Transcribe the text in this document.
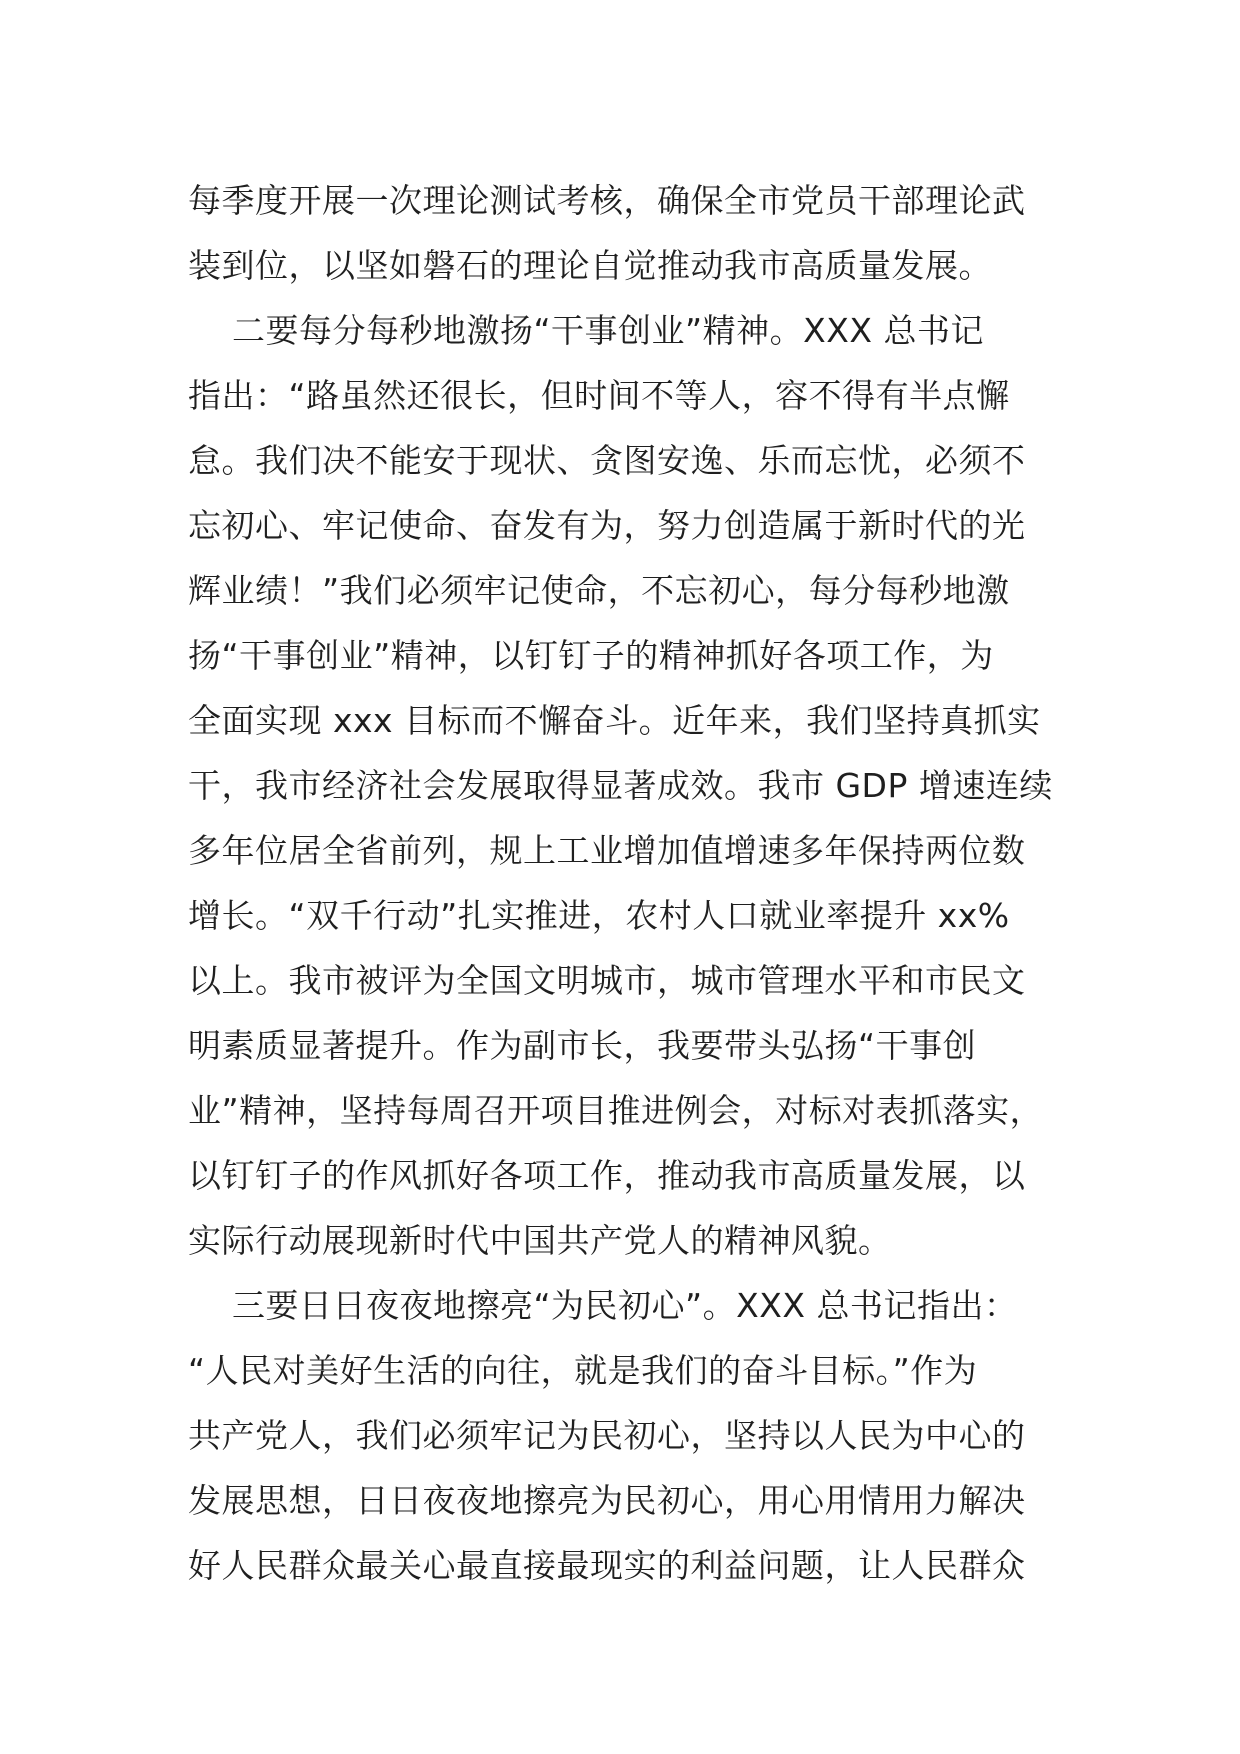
每季度开展一次理论测试考核，确保全市党员干部理论武
装到位，以坚如磐石的理论自觉推动我市高质量发展。
二要每分每秒地激扬“干事创业”精神。XXX 总书记
指出：“路虽然还很长，但时间不等人，容不得有半点懈
怠。我们决不能安于现状、贪图安逸、乐而忘忧，必须不
忘初心、牢记使命、奋发有为，努力创造属于新时代的光
辉业绩！”我们必须牢记使命，不忘初心，每分每秒地激
扬“干事创业”精神，以钉钉子的精神抓好各项工作，为
全面实现 xxx 目标而不懈奋斗。近年来，我们坚持真抓实
干，我市经济社会发展取得显著成效。我市 GDP 增速连续
多年位居全省前列，规上工业增加值增速多年保持两位数
增长。“双千行动”扎实推进，农村人口就业率提升 xx%
以上。我市被评为全国文明城市，城市管理水平和市民文
明素质显著提升。作为副市长，我要带头弘扬“干事创
业”精神，坚持每周召开项目推进例会，对标对表抓落实，
以钉钉子的作风抓好各项工作，推动我市高质量发展，以
实际行动展现新时代中国共产党人的精神风貌。
三要日日夜夜地擦亮“为民初心”。XXX 总书记指出：
“人民对美好生活的向往，就是我们的奋斗目标。”作为
共产党人，我们必须牢记为民初心，坚持以人民为中心的
发展思想，日日夜夜地擦亮为民初心，用心用情用力解决
好人民群众最关心最直接最现实的利益问题，让人民群众
